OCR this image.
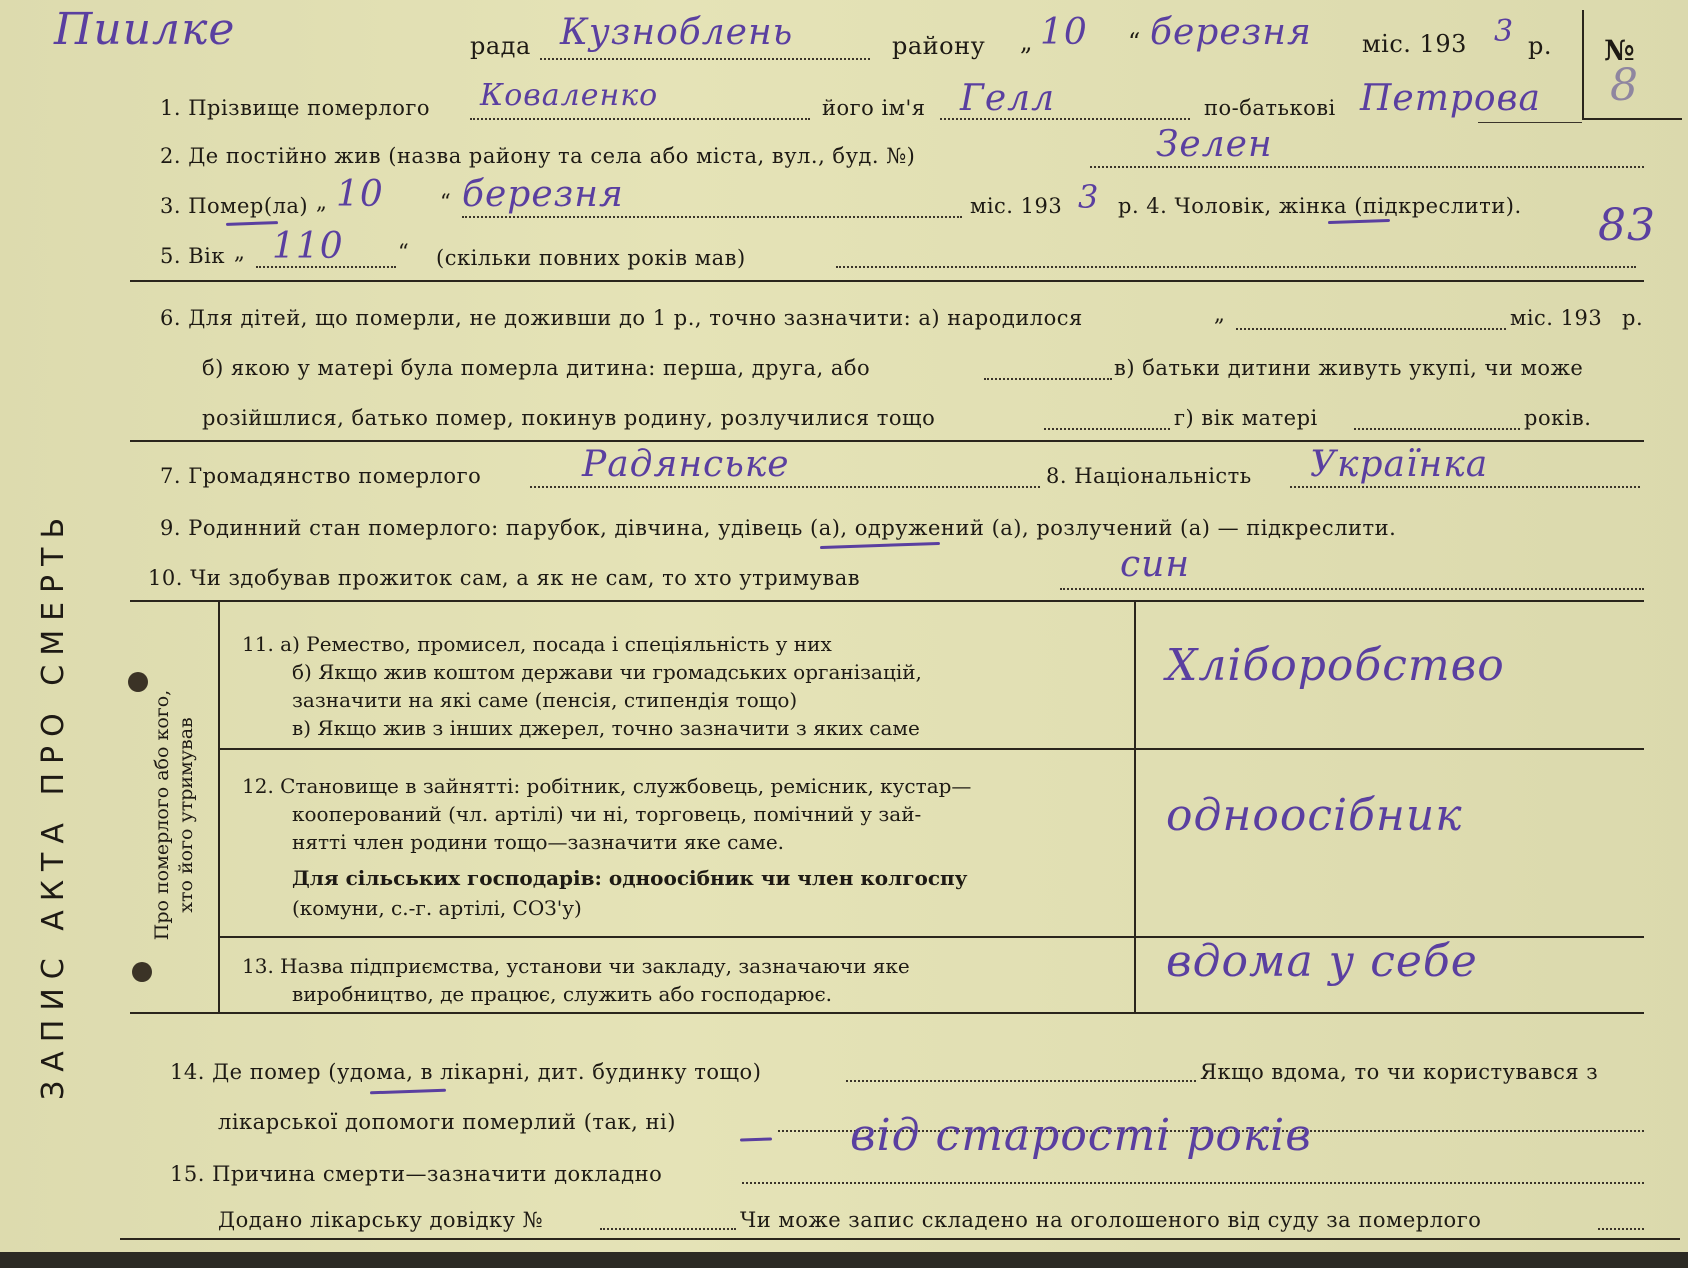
ЗАПИС АКТА ПРО СМЕРТЬ	Про померлого або кого, хто його утримував
Пиилке	рада Кузноблень	району „ 10 “ березня міс. 193 3 р. №
8
1. Прізвище померлого Коваленко	його ім'я Гелл	по-батькові Петрова
2. Де постійно жив (назва району та села або міста, вул., буд. №)	Зелен
3. Помер(ла) „ 10	“ березня	міс. 193 3 р. 4. Чоловік, жінка (підкреслити). 83
5. Вік „ 110	“ (скільки повних років мав)
6. Для дітей, що померли, не доживши до 1 р., точно зазначити: а) народилося	„	міс. 193 р.
б) якою у матері була померла дитина: перша, друга, або	в) батьки дитини живуть укупі, чи може
розійшлися, батько помер, покинув родину, розлучилися тощо	г) вік матері	років.
7. Громадянство померлого	Радянське	8. Національність Українка
9. Родинний стан померлого: парубок, дівчина, удівець (а), одружений (а), розлучений (а) — підкреслити.
10. Чи здобував прожиток сам, а як не сам, то хто утримував	син
11. а) Ремество, промисел, посада і спеціяльність у них
б) Якщо жив коштом держави чи громадських організацій,
зазначити на які саме (пенсія, стипендія тощо)
в) Якщо жив з інших джерел, точно зазначити з яких саме
Хліборобство
12. Становище в зайнятті: робітник, службовець, ремісник, кустар—
кооперований (чл. артілі) чи ні, торговець, помічний у зай-
нятті член родини тощо—зазначити яке саме.
Для сільських господарів: одноосібник чи член колгоспу
(комуни, с.-г. артілі, СОЗ'у)
одноосібник
13. Назва підприємства, установи чи закладу, зазначаючи яке
виробництво, де працює, служить або господарює.
вдома у себе
14. Де помер (удома, в лікарні, дит. будинку тощо)	Якщо вдома, то чи користувався з
лікарської допомоги померлий (так, ні)
15. Причина смерти—зазначити докладно
від старості років
Додано лікарську довідку №	Чи може запис складено на оголошеного від суду за померлого
